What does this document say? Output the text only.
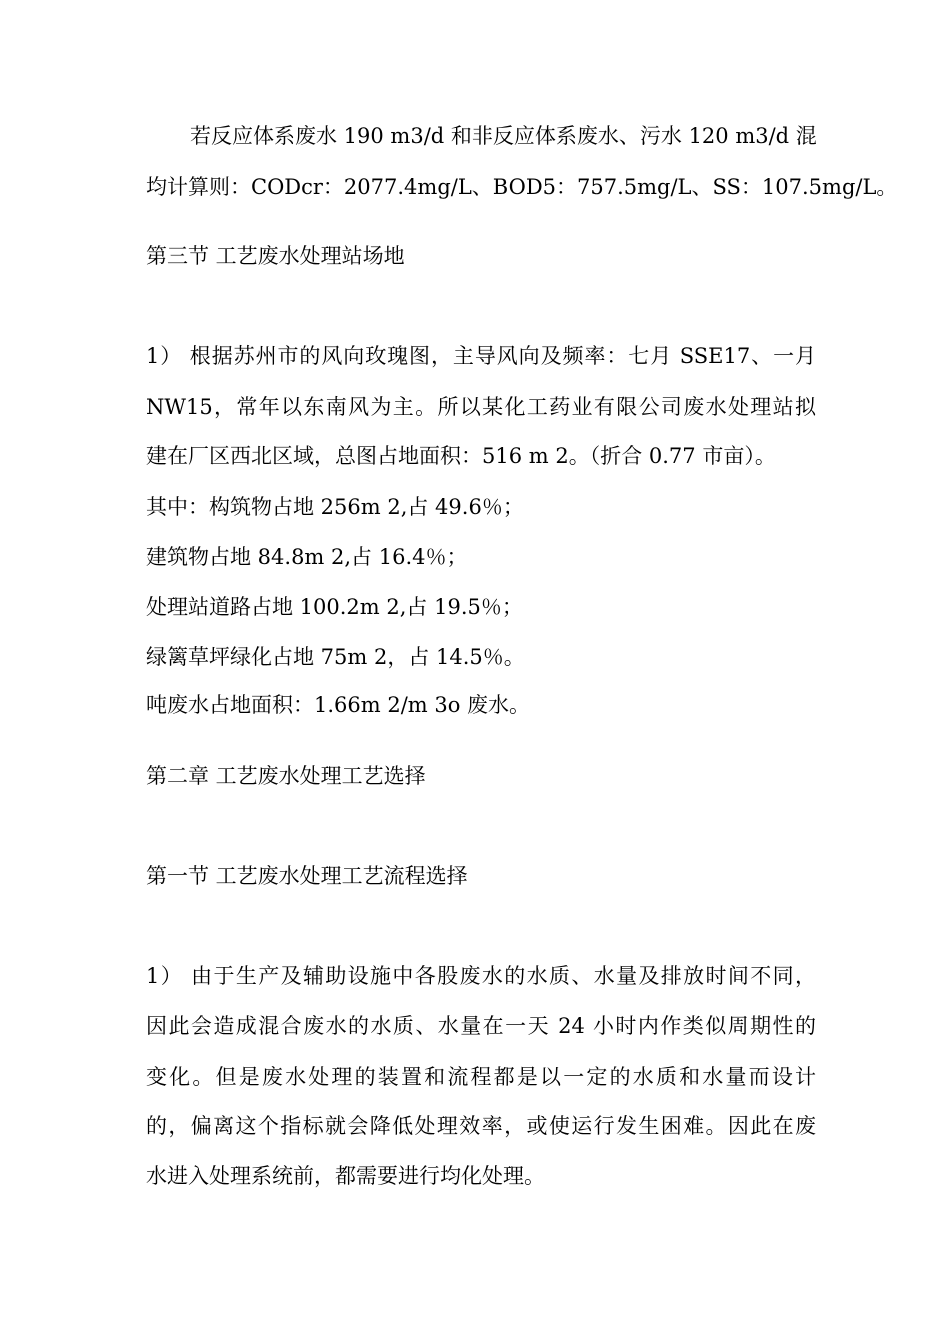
若反应体系废水 190 m3/d 和非反应体系废水、污水 120 m3/d 混
均计算则：CODcr：2077.4mg/L、BOD5：757.5mg/L、SS：107.5mg/L。
第三节 工艺废水处理站场地
1） 根据苏州市的风向玫瑰图，主导风向及频率：七月 SSE17、一月
NW15，常年以东南风为主。所以某化工药业有限公司废水处理站拟
建在厂区西北区域，总图占地面积：516 m 2。（折合 0.77 市亩）。
其中：构筑物占地 256m 2,占 49.6％；
建筑物占地 84.8m 2,占 16.4％；
处理站道路占地 100.2m 2,占 19.5％；
绿篱草坪绿化占地 75m 2，占 14.5％。
吨废水占地面积：1.66m 2/m 3o 废水。
第二章 工艺废水处理工艺选择
第一节 工艺废水处理工艺流程选择
1） 由于生产及辅助设施中各股废水的水质、水量及排放时间不同，
因此会造成混合废水的水质、水量在一天 24 小时内作类似周期性的
变化。但是废水处理的装置和流程都是以一定的水质和水量而设计
的，偏离这个指标就会降低处理效率，或使运行发生困难。因此在废
水进入处理系统前，都需要进行均化处理。
